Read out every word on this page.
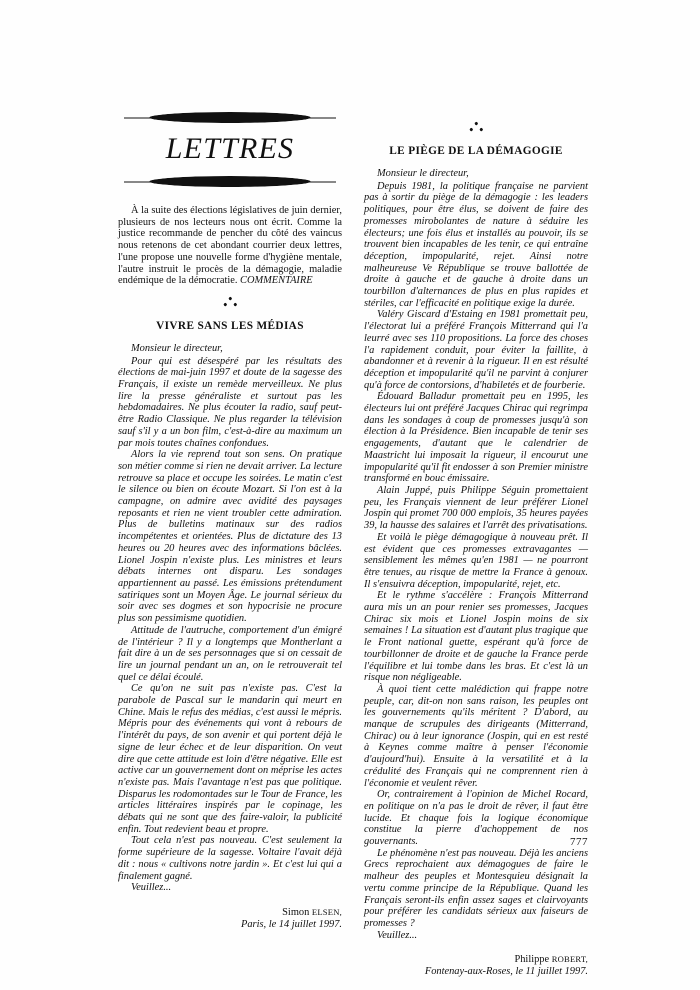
LETTRES

À la suite des élections législatives de juin dernier, plusieurs de nos lecteurs nous ont écrit. Comme la justice recommande de pencher du côté des vaincus nous retenons de cet abondant courrier deux lettres, l'une propose une nouvelle forme d'hygiène mentale, l'autre instruit le procès de la démagogie, maladie endémique de la démocratie. COMMENTAIRE

VIVRE SANS LES MÉDIAS

Monsieur le directeur,

Pour qui est désespéré par les résultats des élections de mai-juin 1997 et doute de la sagesse des Français, il existe un remède merveilleux. Ne plus lire la presse généraliste et surtout pas les hebdomadaires. Ne plus écouter la radio, sauf peut-être Radio Classique. Ne plus regarder la télévision sauf s'il y a un bon film, c'est-à-dire au maximum un par mois toutes chaînes confondues.

Alors la vie reprend tout son sens. On pratique son métier comme si rien ne devait arriver. La lecture retrouve sa place et occupe les soirées. Le matin c'est le silence ou bien on écoute Mozart. Si l'on est à la campagne, on admire avec avidité des paysages reposants et rien ne vient troubler cette admiration. Plus de bulletins matinaux sur des radios incompétentes et orientées. Plus de dictature des 13 heures ou 20 heures avec des informations bâclées. Lionel Jospin n'existe plus. Les ministres et leurs débats internes ont disparu. Les sondages appartiennent au passé. Les émissions prétendument satiriques sont un Moyen Âge. Le journal sérieux du soir avec ses dogmes et son hypocrisie ne procure plus son pessimisme quotidien.

Attitude de l'autruche, comportement d'un émigré de l'intérieur ? Il y a longtemps que Montherlant a fait dire à un de ses personnages que si on cessait de lire un journal pendant un an, on le retrouverait tel quel ce délai écoulé.

Ce qu'on ne suit pas n'existe pas. C'est la parabole de Pascal sur le mandarin qui meurt en Chine. Mais le refus des médias, c'est aussi le mépris. Mépris pour des événements qui vont à rebours de l'intérêt du pays, de son avenir et qui portent déjà le signe de leur échec et de leur disparition. On veut dire que cette attitude est loin d'être négative. Elle est active car un gouvernement dont on méprise les actes n'existe pas. Mais l'avantage n'est pas que politique. Disparus les rodomontades sur le Tour de France, les articles littéraires inspirés par le copinage, les débats qui ne sont que des faire-valoir, la publicité enfin. Tout redevient beau et propre.

Tout cela n'est pas nouveau. C'est seulement la forme supérieure de la sagesse. Voltaire l'avait déjà dit : nous « cultivons notre jardin ». Et c'est lui qui a finalement gagné.

Veuillez...

Simon ELSEN,
Paris, le 14 juillet 1997.
LE PIÈGE DE LA DÉMAGOGIE

Monsieur le directeur,

Depuis 1981, la politique française ne parvient pas à sortir du piège de la démagogie : les leaders politiques, pour être élus, se doivent de faire des promesses mirobolantes de nature à séduire les électeurs; une fois élus et installés au pouvoir, ils se trouvent bien incapables de les tenir, ce qui entraîne déception, impopularité, rejet. Ainsi notre malheureuse Ve République se trouve ballottée de droite à gauche et de gauche à droite dans un tourbillon d'alternances de plus en plus rapides et stériles, car l'efficacité en politique exige la durée.

Valéry Giscard d'Estaing en 1981 promettait peu, l'électorat lui a préféré François Mitterrand qui l'a leurré avec ses 110 propositions. La force des choses l'a rapidement conduit, pour éviter la faillite, à abandonner et à revenir à la rigueur. Il en est résulté déception et impopularité qu'il ne parvint à conjurer qu'à force de contorsions, d'habiletés et de fourberie.

Édouard Balladur promettait peu en 1995, les électeurs lui ont préféré Jacques Chirac qui regrimpa dans les sondages à coup de promesses jusqu'à son élection à la Présidence. Bien incapable de tenir ses engagements, d'autant que le calendrier de Maastricht lui imposait la rigueur, il encourut une impopularité qu'il fit endosser à son Premier ministre transformé en bouc émissaire.

Alain Juppé, puis Philippe Séguin promettaient peu, les Français viennent de leur préférer Lionel Jospin qui promet 700 000 emplois, 35 heures payées 39, la hausse des salaires et l'arrêt des privatisations.

Et voilà le piège démagogique à nouveau prêt. Il est évident que ces promesses extravagantes — sensiblement les mêmes qu'en 1981 — ne pourront être tenues, au risque de mettre la France à genoux. Il s'ensuivra déception, impopularité, rejet, etc.

Et le rythme s'accélère : François Mitterrand aura mis un an pour renier ses promesses, Jacques Chirac six mois et Lionel Jospin moins de six semaines ! La situation est d'autant plus tragique que le Front national guette, espérant qu'à force de tourbillonner de droite et de gauche la France perde l'équilibre et lui tombe dans les bras. Et c'est là un risque non négligeable.

À quoi tient cette malédiction qui frappe notre peuple, car, dit-on non sans raison, les peuples ont les gouvernements qu'ils méritent ? D'abord, au manque de scrupules des dirigeants (Mitterrand, Chirac) ou à leur ignorance (Jospin, qui en est resté à Keynes comme maître à penser l'économie d'aujourd'hui). Ensuite à la versatilité et à la crédulité des Français qui ne comprennent rien à l'économie et veulent rêver.

Or, contrairement à l'opinion de Michel Rocard, en politique on n'a pas le droit de rêver, il faut être lucide. Et chaque fois la logique économique constitue la pierre d'achoppement de nos gouvernants.

Le phénomène n'est pas nouveau. Déjà les anciens Grecs reprochaient aux démagogues de faire le malheur des peuples et Montesquieu désignait la vertu comme principe de la République. Quand les Français seront-ils enfin assez sages et clairvoyants pour préférer les candidats sérieux aux faiseurs de promesses ?

Veuillez...

Philippe ROBERT,
Fontenay-aux-Roses, le 11 juillet 1997.
777
